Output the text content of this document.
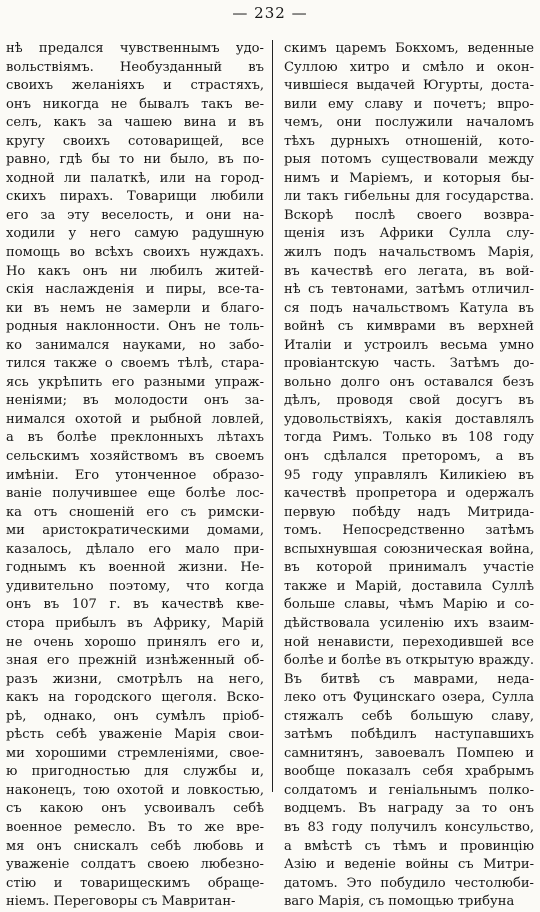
— 232 —
нѣ предался чувственнымъ удо-
вольствіямъ. Необузданный въ
своихъ желаніяхъ и страстяхъ,
онъ никогда не бывалъ такъ ве-
селъ, какъ за чашею вина и въ
кругу своихъ сотоварищей, все
равно, гдѣ бы то ни было, въ по-
ходной ли палаткѣ, или на город-
скихъ пирахъ. Товарищи любили
его за эту веселость, и они на-
ходили у него самую радушную
помощь во всѣхъ своихъ нуждахъ.
Но какъ онъ ни любилъ житей-
скія наслажденія и пиры, все-та-
ки въ немъ не замерли и благо-
родныя наклонности. Онъ не толь-
ко занимался науками, но забо-
тился также о своемъ тѣлѣ, стара-
ясь укрѣпить его разными упраж-
неніями; въ молодости онъ за-
нимался охотой и рыбной ловлей,
а въ болѣе преклонныхъ лѣтахъ
сельскимъ хозяйствомъ въ своемъ
имѣніи. Его утонченное образо-
ваніе получившее еще болѣе лос-
ка отъ сношеній его съ римски-
ми аристократическими домами,
казалось, дѣлало его мало при-
годнымъ къ военной жизни. Не-
удивительно поэтому, что когда
онъ въ 107 г. въ качествѣ кве-
стора прибылъ въ Африку, Марій
не очень хорошо принялъ его и,
зная его прежній изнѣженный об-
разъ жизни, смотрѣлъ на него,
какъ на городского щеголя. Вскo-
рѣ, однако, онъ сумѣлъ пріоб-
рѣсть себѣ уваженіе Марія свои-
ми хорошими стремленіями, свое-
ю пригодностью для службы и,
наконецъ, тою охотой и ловкостью,
съ какою онъ усвоивалъ себѣ
военное ремесло. Въ то же вре-
мя онъ снискалъ себѣ любовь и
уваженіе солдатъ своею любезно-
стію и товарищескимъ обраще-
ніемъ. Переговоры съ Мавритан-
скимъ царемъ Бокхомъ, веденные
Суллою хитро и смѣло и окон-
чившіеся выдачей Югурты, доста-
вили ему славу и почетъ; впро-
чемъ, они послужили началомъ
тѣхъ дурныхъ отношеній, кото-
рыя потомъ существовали между
нимъ и Маріемъ, и которыя бы-
ли такъ гибельны для государства.
Вскорѣ послѣ своего возвра-
щенія изъ Африки Сулла слу-
жилъ подъ начальствомъ Марія,
въ качествѣ его легата, въ вой-
нѣ съ тевтонами, затѣмъ отличил-
ся подъ начальствомъ Катула въ
войнѣ съ кимврами въ верхней
Италіи и устроилъ весьма умно
провіантскую часть. Затѣмъ до-
вольно долго онъ оставался безъ
дѣлъ, проводя свой досугъ въ
удовольствіяхъ, какія доставлялъ
тогда Римъ. Только въ 108 году
онъ сдѣлался преторомъ, а въ
95 году управлялъ Киликіею въ
качествѣ пропретора и одержалъ
первую побѣду надъ Митрида-
томъ. Непосредственно затѣмъ
вспыхнувшая союзническая война,
въ которой принималъ участіе
также и Марій, доставила Суллѣ
больше славы, чѣмъ Марію и со-
дѣйствовала усиленію ихъ взаим-
ной ненависти, переходившей все
болѣе и болѣе въ открытую вражду.
Въ битвѣ съ маврами, неда-
леко отъ Фуцинскаго озера, Сулла
стяжалъ себѣ большую славу,
затѣмъ побѣдилъ наступавшихъ
самнитянъ, завоевалъ Помпею и
вообще показалъ себя храбрымъ
солдатомъ и геніальнымъ полко-
водцемъ. Въ награду за то онъ
въ 83 году получилъ консульство,
а вмѣстѣ съ тѣмъ и провинцію
Азію и веденіе войны съ Митри-
датомъ. Это побудило честолюби-
ваго Марія, съ помощью трибуна
